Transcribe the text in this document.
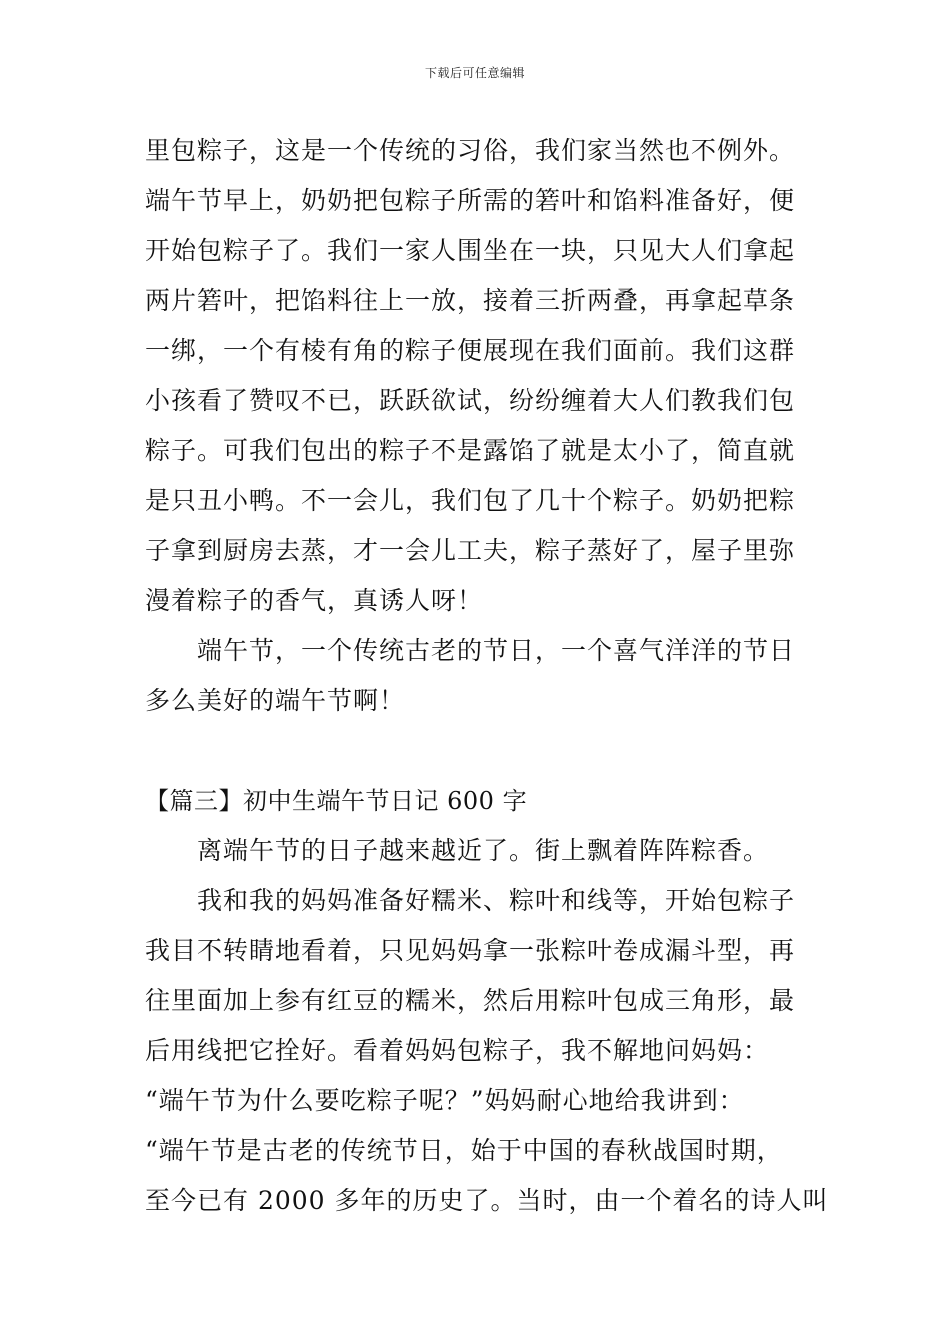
下载后可任意编辑
里包粽子，这是一个传统的习俗，我们家当然也不例外。
端午节早上，奶奶把包粽子所需的箬叶和馅料准备好，便
开始包粽子了。我们一家人围坐在一块，只见大人们拿起
两片箬叶，把馅料往上一放，接着三折两叠，再拿起草条
一绑，一个有棱有角的粽子便展现在我们面前。我们这群
小孩看了赞叹不已，跃跃欲试，纷纷缠着大人们教我们包
粽子。可我们包出的粽子不是露馅了就是太小了，简直就
是只丑小鸭。不一会儿，我们包了几十个粽子。奶奶把粽
子拿到厨房去蒸，才一会儿工夫，粽子蒸好了，屋子里弥
漫着粽子的香气，真诱人呀！
端午节，一个传统古老的节日，一个喜气洋洋的节日
多么美好的端午节啊！
【篇三】初中生端午节日记 600 字
离端午节的日子越来越近了。街上飘着阵阵粽香。
我和我的妈妈准备好糯米、粽叶和线等，开始包粽子
我目不转睛地看着，只见妈妈拿一张粽叶卷成漏斗型，再
往里面加上参有红豆的糯米，然后用粽叶包成三角形，最
后用线把它拴好。看着妈妈包粽子，我不解地问妈妈：
“端午节为什么要吃粽子呢？”妈妈耐心地给我讲到：
“端午节是古老的传统节日，始于中国的春秋战国时期，
至今已有 2000 多年的历史了。当时，由一个着名的诗人叫
